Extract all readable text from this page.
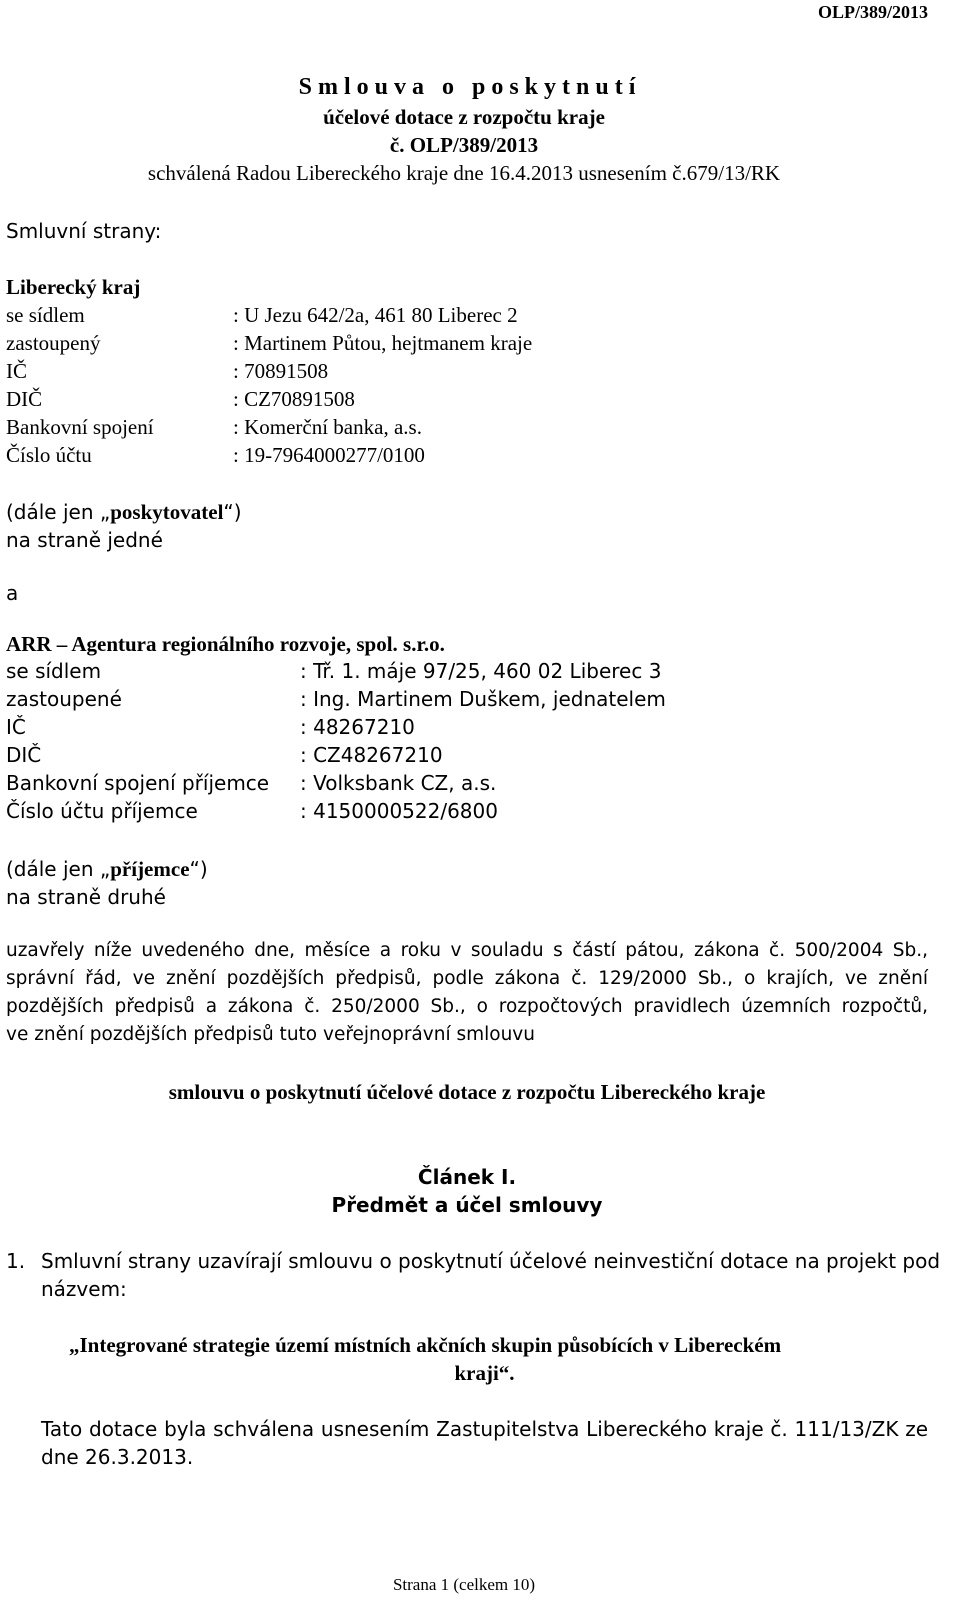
OLP/389/2013
S m l o u v a   o   p o s k y t n u t í
účelové dotace z rozpočtu kraje
č. OLP/389/2013
schválená Radou Libereckého kraje dne 16.4.2013 usnesením č.679/13/RK
Smluvní strany:
Liberecký kraj
se sídlem	: U Jezu 642/2a, 461 80 Liberec 2
zastoupený	: Martinem Půtou, hejtmanem kraje
IČ	: 70891508
DIČ	: CZ70891508
Bankovní spojení	: Komerční banka, a.s.
Číslo účtu	: 19-7964000277/0100
(dále jen „poskytovatel“)
na straně jedné
a
ARR – Agentura regionálního rozvoje, spol. s.r.o.
se sídlem	: Tř. 1. máje 97/25, 460 02 Liberec 3
zastoupené	: Ing. Martinem Duškem, jednatelem
IČ	: 48267210
DIČ	: CZ48267210
Bankovní spojení příjemce : Volksbank CZ, a.s.
Číslo účtu příjemce	: 4150000522/6800
(dále jen „příjemce“)
na straně druhé
uzavřely níže uvedeného dne, měsíce a roku v souladu s částí pátou, zákona č. 500/2004 Sb.,
správní řád, ve znění pozdějších předpisů, podle zákona č. 129/2000 Sb., o krajích, ve znění
pozdějších předpisů a zákona č. 250/2000 Sb., o rozpočtových pravidlech územních rozpočtů,
ve znění pozdějších předpisů tuto veřejnoprávní smlouvu
smlouvu o poskytnutí účelové dotace z rozpočtu Libereckého kraje
Článek I.
Předmět a účel smlouvy
1. Smluvní strany uzavírají smlouvu o poskytnutí účelové neinvestiční dotace na projekt pod
názvem:
„Integrované strategie území místních akčních skupin působících v Libereckém
kraji“.
Tato dotace byla schválena usnesením Zastupitelstva Libereckého kraje č. 111/13/ZK ze
dne 26.3.2013.
Strana 1 (celkem 10)
